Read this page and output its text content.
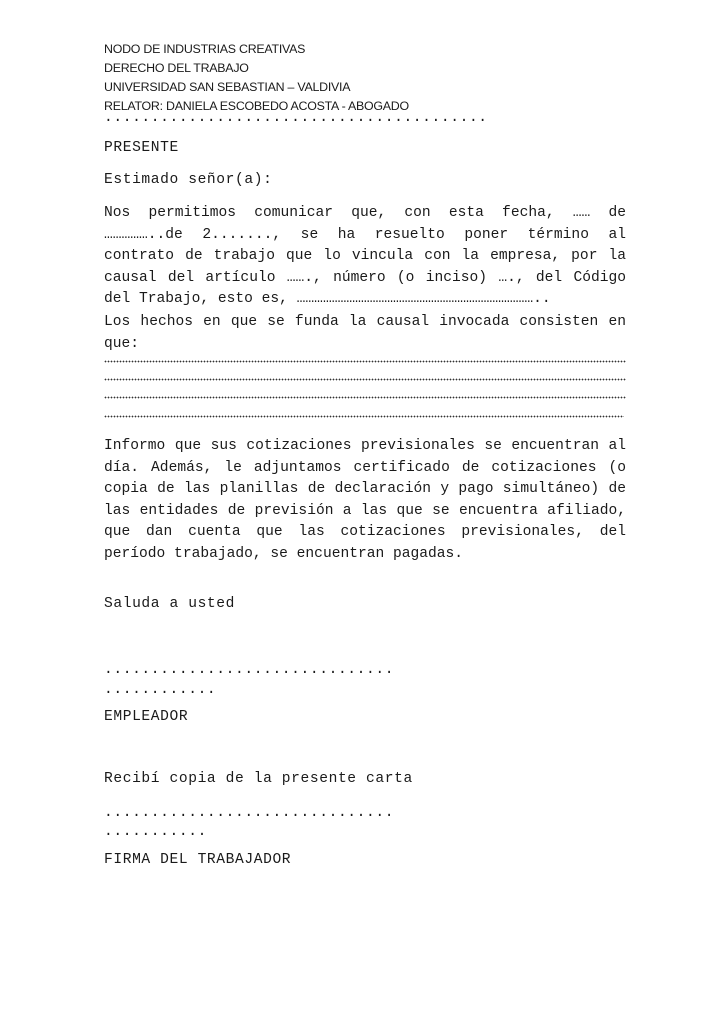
NODO DE INDUSTRIAS CREATIVAS
DERECHO DEL TRABAJO
UNIVERSIDAD SAN SEBASTIAN – VALDIVIA
RELATOR: DANIELA ESCOBEDO ACOSTA - ABOGADO
.........................................
PRESENTE
Estimado señor(a):
Nos permitimos comunicar que, con esta fecha, …… de ……………..de 2......., se ha resuelto poner término al contrato de trabajo que lo vincula con la empresa, por la causal del artículo ……., número (o inciso) …., del Código del Trabajo, esto es, ………………………………………………………………………..
Los hechos en que se funda la causal invocada consisten en que:
Informo que sus cotizaciones previsionales se encuentran al día. Además, le adjuntamos certificado de cotizaciones (o copia de las planillas de declaración y pago simultáneo) de las entidades de previsión a las que se encuentra afiliado, que dan cuenta que las cotizaciones previsionales, del período trabajado, se encuentran pagadas.
Saluda a usted
...............................
............
EMPLEADOR
Recibí copia de la presente carta
...............................
...........
FIRMA DEL TRABAJADOR
